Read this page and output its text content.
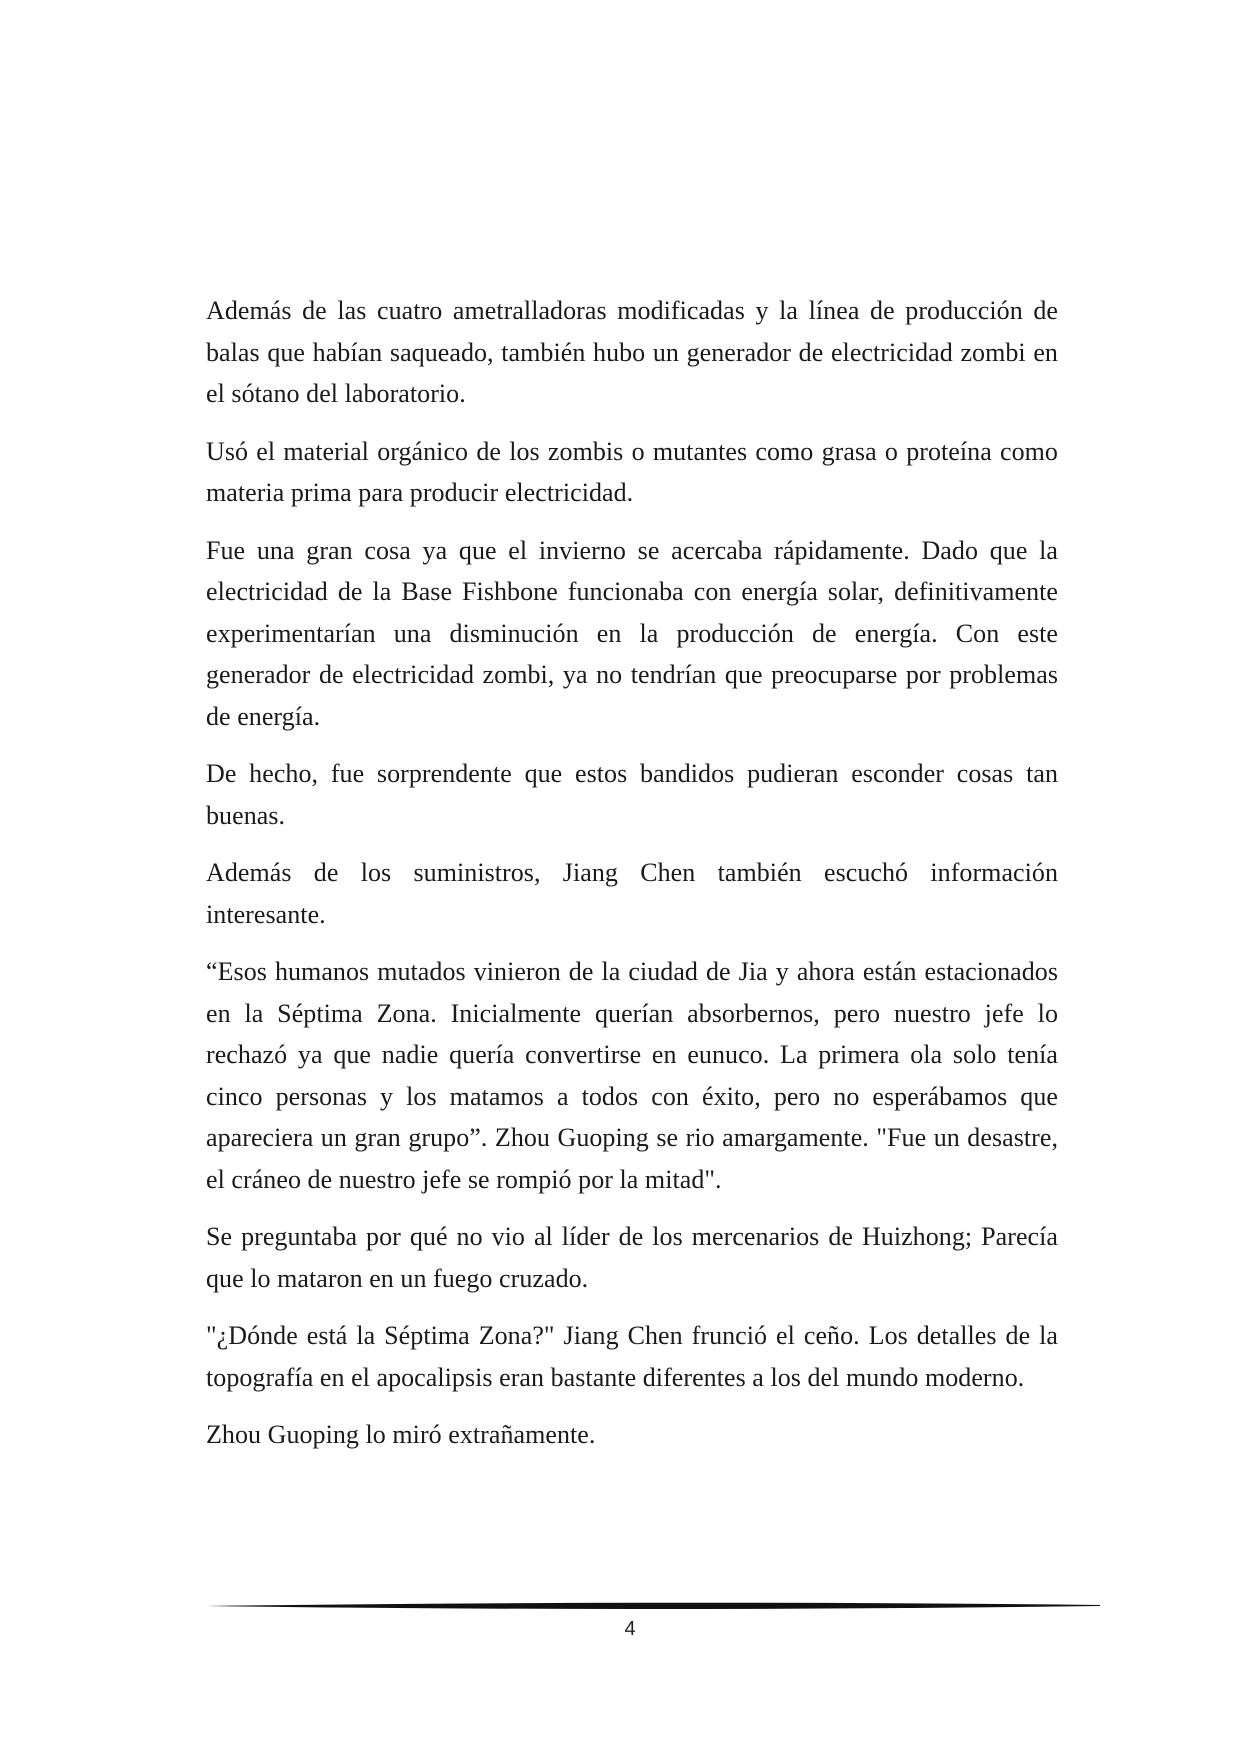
Además de las cuatro ametralladoras modificadas y la línea de producción de balas que habían saqueado, también hubo un generador de electricidad zombi en el sótano del laboratorio.

Usó el material orgánico de los zombis o mutantes como grasa o proteína como materia prima para producir electricidad.

Fue una gran cosa ya que el invierno se acercaba rápidamente. Dado que la electricidad de la Base Fishbone funcionaba con energía solar, definitivamente experimentarían una disminución en la producción de energía. Con este generador de electricidad zombi, ya no tendrían que preocuparse por problemas de energía.

De hecho, fue sorprendente que estos bandidos pudieran esconder cosas tan buenas.

Además de los suministros, Jiang Chen también escuchó información interesante.

“Esos humanos mutados vinieron de la ciudad de Jia y ahora están estacionados en la Séptima Zona. Inicialmente querían absorbernos, pero nuestro jefe lo rechazó ya que nadie quería convertirse en eunuco. La primera ola solo tenía cinco personas y los matamos a todos con éxito, pero no esperábamos que apareciera un gran grupo”. Zhou Guoping se rio amargamente. "Fue un desastre, el cráneo de nuestro jefe se rompió por la mitad".

Se preguntaba por qué no vio al líder de los mercenarios de Huizhong; Parecía que lo mataron en un fuego cruzado.

"¿Dónde está la Séptima Zona?" Jiang Chen frunció el ceño. Los detalles de la topografía en el apocalipsis eran bastante diferentes a los del mundo moderno.

Zhou Guoping lo miró extrañamente.

4
